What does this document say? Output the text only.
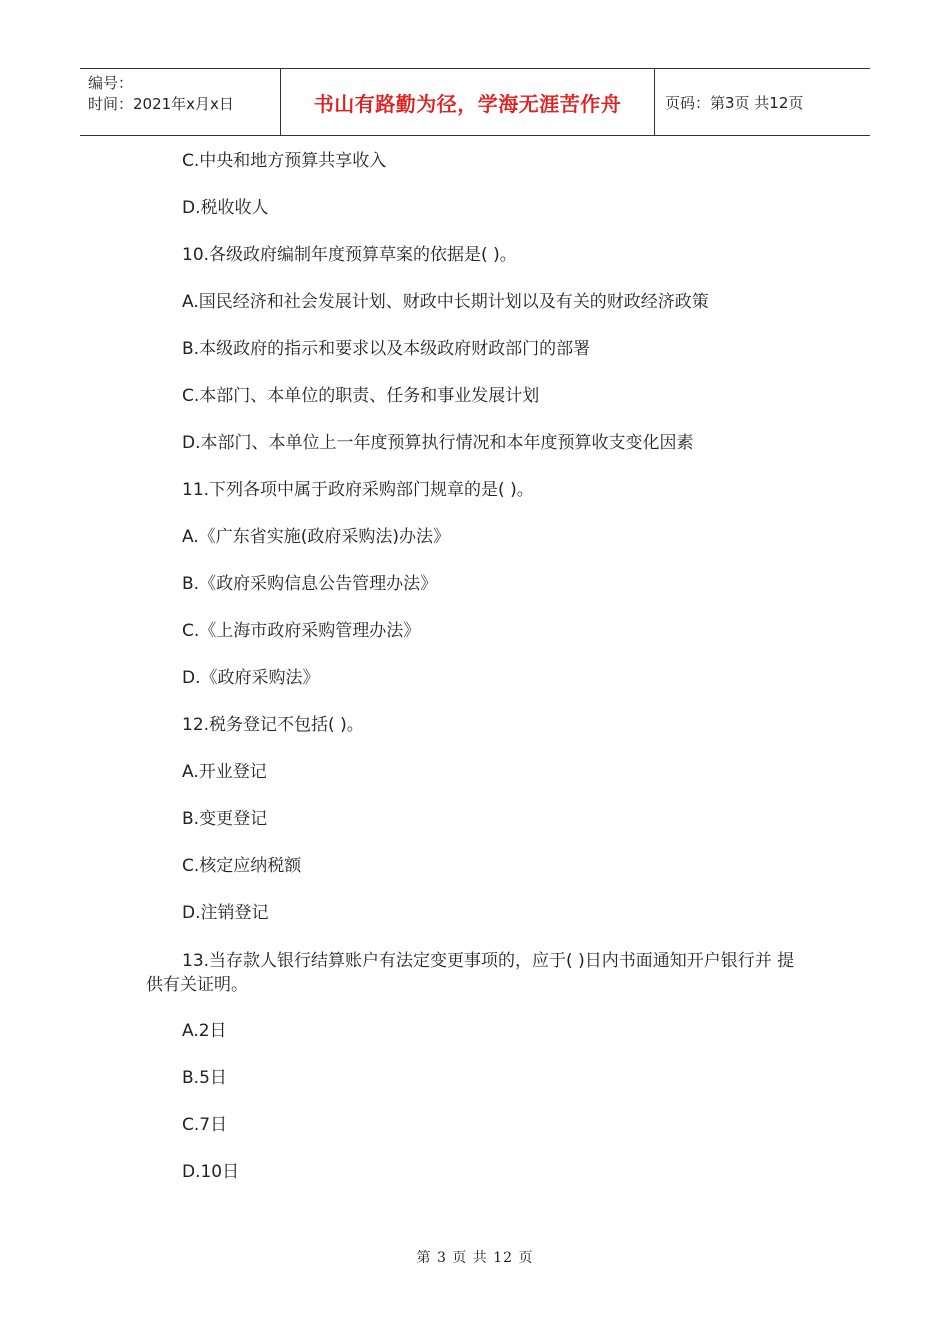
编号：
时间：2021年x月x日	书山有路勤为径，学海无涯苦作舟	页码：第3页 共12页
C.中央和地方预算共享收入
D.税收收人
10.各级政府编制年度预算草案的依据是( )。
A.国民经济和社会发展计划、财政中长期计划以及有关的财政经济政策
B.本级政府的指示和要求以及本级政府财政部门的部署
C.本部门、本单位的职责、任务和事业发展计划
D.本部门、本单位上一年度预算执行情况和本年度预算收支变化因素
11.下列各项中属于政府采购部门规章的是( )。
A.《广东省实施(政府采购法)办法》
B.《政府采购信息公告管理办法》
C.《上海市政府采购管理办法》
D.《政府采购法》
12.税务登记不包括( )。
A.开业登记
B.变更登记
C.核定应纳税额
D.注销登记
13.当存款人银行结算账户有法定变更事项的，应于( )日内书面通知开户银行并 提供有关证明。
A.2日
B.5日
C.7日
D.10日
第 3 页 共 12 页
